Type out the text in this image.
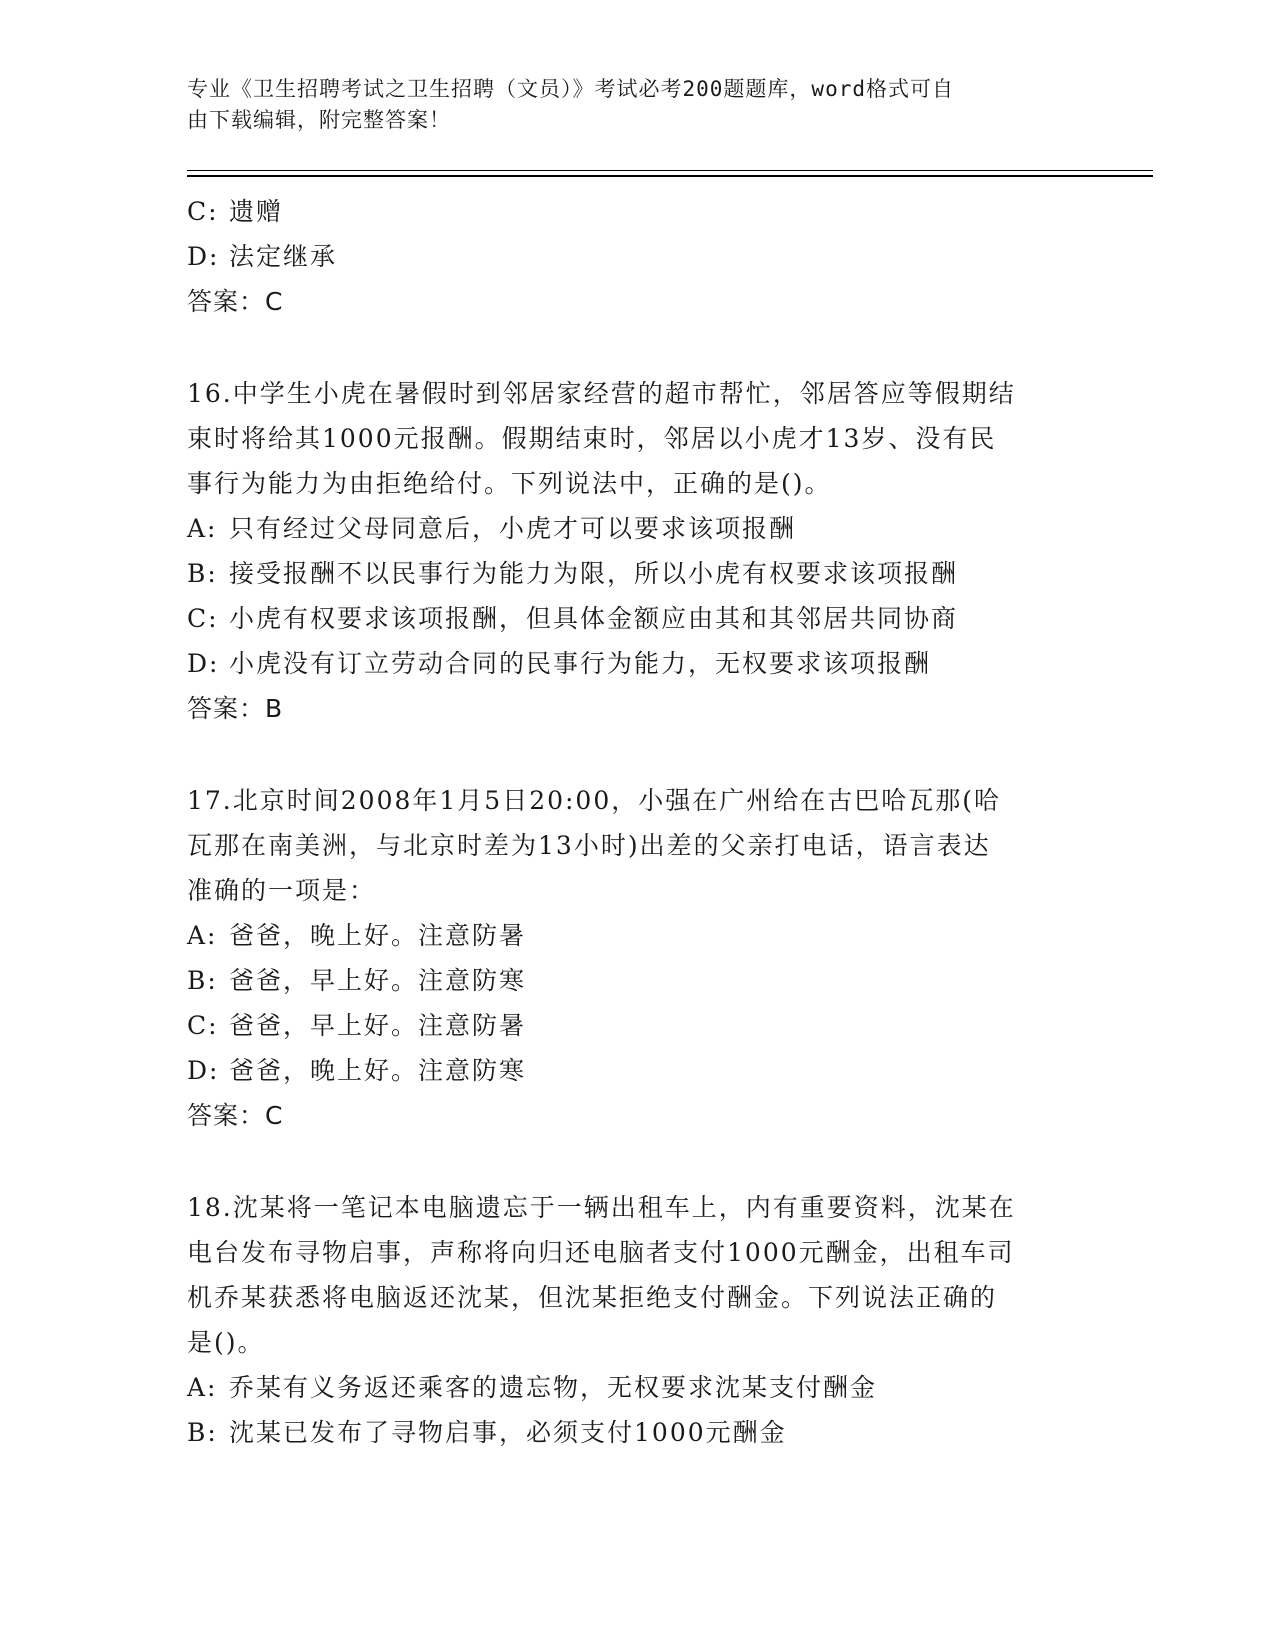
专业《卫生招聘考试之卫生招聘（文员）》考试必考200题题库，word格式可自
由下载编辑，附完整答案！
C: 遗赠
D: 法定继承
答案：C
16.中学生小虎在暑假时到邻居家经营的超市帮忙，邻居答应等假期结
束时将给其1000元报酬。假期结束时，邻居以小虎才13岁、没有民
事行为能力为由拒绝给付。下列说法中，正确的是()。
A: 只有经过父母同意后，小虎才可以要求该项报酬
B: 接受报酬不以民事行为能力为限，所以小虎有权要求该项报酬
C: 小虎有权要求该项报酬，但具体金额应由其和其邻居共同协商
D: 小虎没有订立劳动合同的民事行为能力，无权要求该项报酬
答案：B
17.北京时间2008年1月5日20:00，小强在广州给在古巴哈瓦那(哈
瓦那在南美洲，与北京时差为13小时)出差的父亲打电话，语言表达
准确的一项是：
A: 爸爸，晚上好。注意防暑
B: 爸爸，早上好。注意防寒
C: 爸爸，早上好。注意防暑
D: 爸爸，晚上好。注意防寒
答案：C
18.沈某将一笔记本电脑遗忘于一辆出租车上，内有重要资料，沈某在
电台发布寻物启事，声称将向归还电脑者支付1000元酬金，出租车司
机乔某获悉将电脑返还沈某，但沈某拒绝支付酬金。下列说法正确的
是()。
A: 乔某有义务返还乘客的遗忘物，无权要求沈某支付酬金
B: 沈某已发布了寻物启事，必须支付1000元酬金
